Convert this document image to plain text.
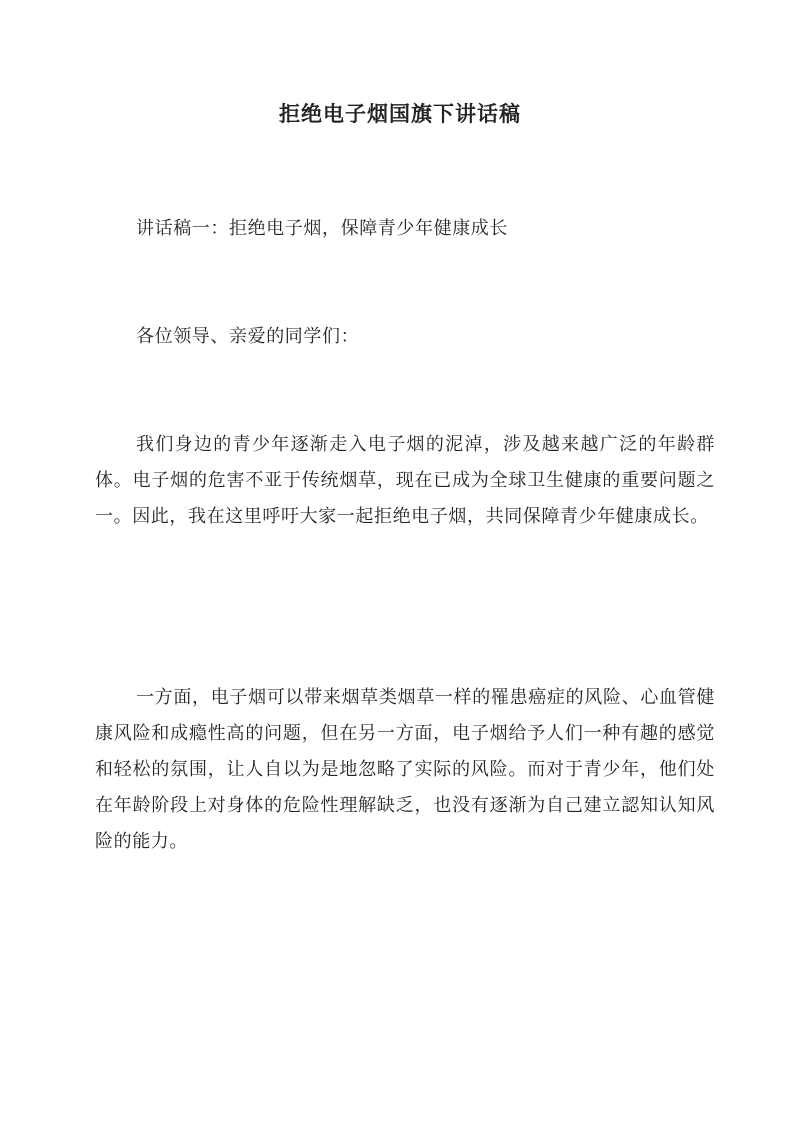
拒绝电子烟国旗下讲话稿

讲话稿一：拒绝电子烟，保障青少年健康成长

各位领导、亲爱的同学们：

我们身边的青少年逐渐走入电子烟的泥淖，涉及越来越广泛的年龄群体。电子烟的危害不亚于传统烟草，现在已成为全球卫生健康的重要问题之一。因此，我在这里呼吁大家一起拒绝电子烟，共同保障青少年健康成长。

一方面，电子烟可以带来烟草类烟草一样的罹患癌症的风险、心血管健康风险和成瘾性高的问题，但在另一方面，电子烟给予人们一种有趣的感觉和轻松的氛围，让人自以为是地忽略了实际的风险。而对于青少年，他们处在年龄阶段上对身体的危险性理解缺乏，也没有逐渐为自己建立認知认知风险的能力。
